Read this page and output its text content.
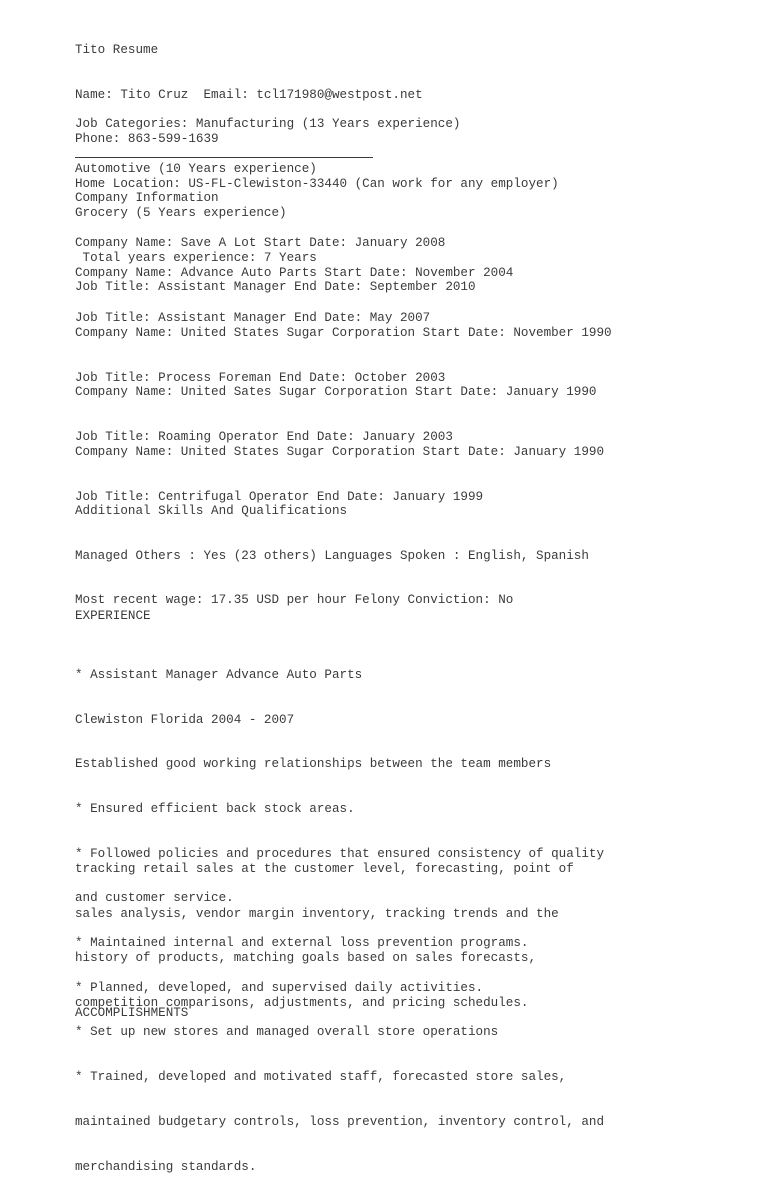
Tito Resume

Name: Tito Cruz  Email: tcl171980@westpost.net

Phone: 863-599-1639

Home Location: US-FL-Clewiston-33440 (Can work for any employer)

Job Categories: Manufacturing (13 Years experience)

Automotive (10 Years experience)

Grocery (5 Years experience)

Total years experience: 7 Years

Company Information

Company Name: Save A Lot Start Date: January 2008

Job Title: Assistant Manager End Date: September 2010

Company Name: Advance Auto Parts Start Date: November 2004

Job Title: Assistant Manager End Date: May 2007

Company Name: United States Sugar Corporation Start Date: November 1990

Job Title: Process Foreman End Date: October 2003

Company Name: United Sates Sugar Corporation Start Date: January 1990

Job Title: Roaming Operator End Date: January 2003

Company Name: United States Sugar Corporation Start Date: January 1990

Job Title: Centrifugal Operator End Date: January 1999

Additional Skills And Qualifications

Managed Others : Yes (23 others) Languages Spoken : English, Spanish

Most recent wage: 17.35 USD per hour Felony Conviction: No

EXPERIENCE

* Assistant Manager Advance Auto Parts

Clewiston Florida 2004 - 2007

Established good working relationships between the team members

* Ensured efficient back stock areas.

* Followed policies and procedures that ensured consistency of quality

and customer service.

* Maintained internal and external loss prevention programs.

* Planned, developed, and supervised daily activities.

* Set up new stores and managed overall store operations

* Trained, developed and motivated staff, forecasted store sales,

maintained budgetary controls, loss prevention, inventory control, and

merchandising standards.

tracking retail sales at the customer level, forecasting, point of

sales analysis, vendor margin inventory, tracking trends and the

history of products, matching goals based on sales forecasts,

competition comparisons, adjustments, and pricing schedules.

ACCOMPLISHMENTS
